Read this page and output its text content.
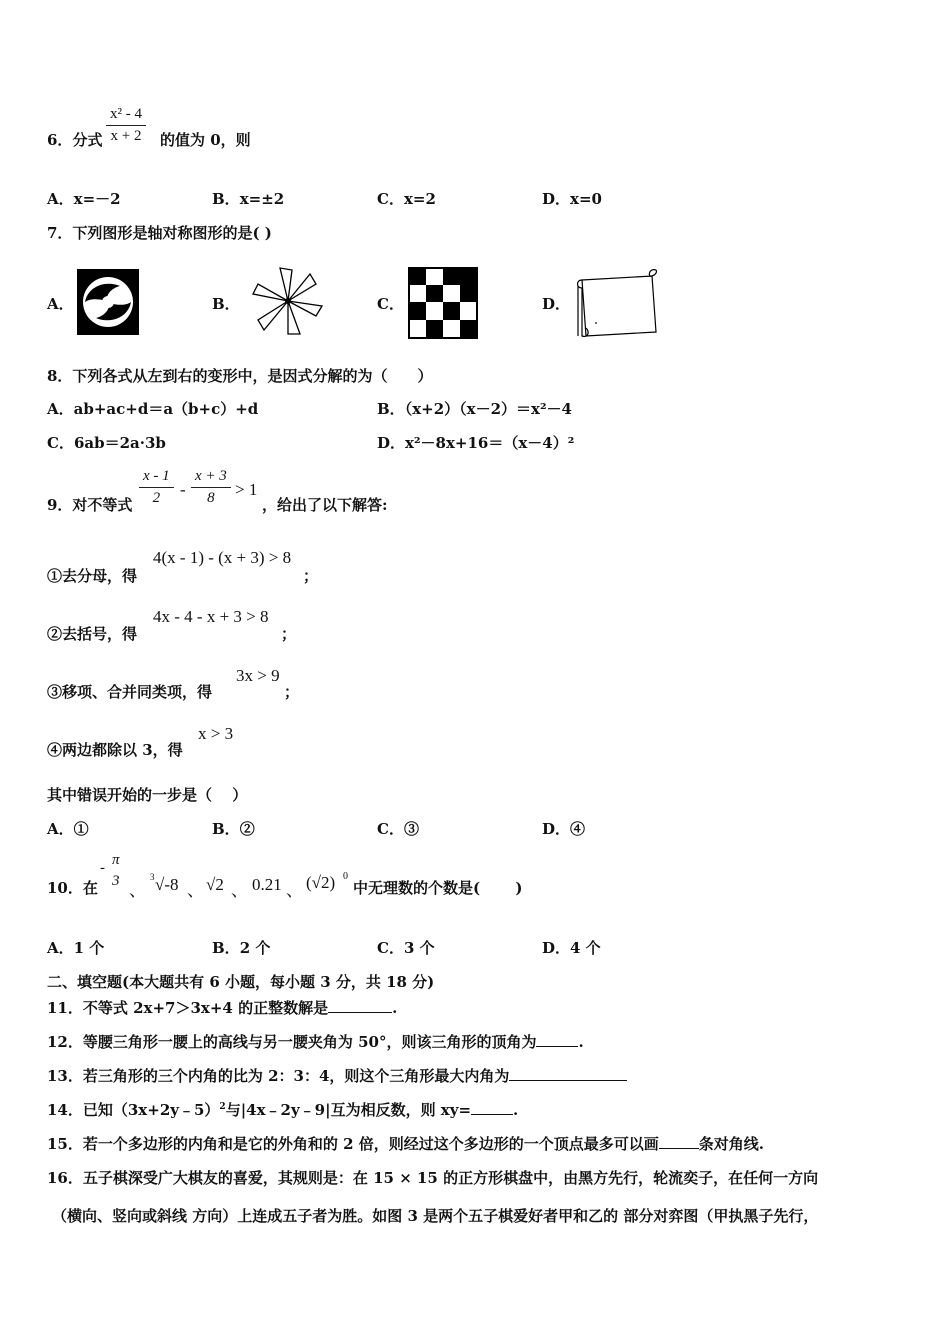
6．分式 $\frac{\text{x² - 4}}{x + 2}$ 的值为 0，则
A．x=－2	B．x=±2	C．x=2	D．x=0
7．下列图形是轴对称图形的是( )
A．	B．	C．	D．
8．下列各式从左到右的变形中，是因式分解的为（　　）
A．ab+ac+d＝a（b+c）+d	B．（x+2）（x－2）＝x²－4
C．6ab＝2a·3b	D．x²－8x+16＝（x－4）²
9．对不等式 $\frac{x - 1}{2} - \frac{x + 3}{8} > 1$
，给出了以下解答:
①去分母，得
4(x - 1) - (x + 3) > 8
；
②去括号，得
4x - 4 - x + 3 > 8
；
③移项、合并同类项，得
3x > 9
；
④两边都除以 3，得
x > 3
其中错误开始的一步是（　 ）
A．①	B．②	C．③	D．④
10．在
- π
3 、
3 √-8 、 √2 、 0.21 、 (√2) 0
中无理数的个数是(　　 )
A．1 个	B．2 个	C．3 个	D．4 个
二、填空题(本大题共有 6 小题，每小题 3 分，共 18 分)
11．不等式 2x+7＞3x+4 的正整数解是	.
12．等腰三角形一腰上的高线与另一腰夹角为 50°，则该三角形的顶角为	.
13．若三角形的三个内角的比为 2：3：4，则这个三角形最大内角为
14．已知（3x+2y﹣5）$^2$与|4x﹣2y﹣9|互为相反数，则 xy=	.
15．若一个多边形的内角和是它的外角和的 2 倍，则经过这个多边形的一个顶点最多可以画	条对角线.
16．五子棋深受广大棋友的喜爱，其规则是：在 15 × 15 的正方形棋盘中，由黑方先行，轮流奕子，在任何一方向
（横向、竖向或斜线 方向）上连成五子者为胜。如图 3 是两个五子棋爱好者甲和乙的 部分对弈图（甲执黑子先行，
